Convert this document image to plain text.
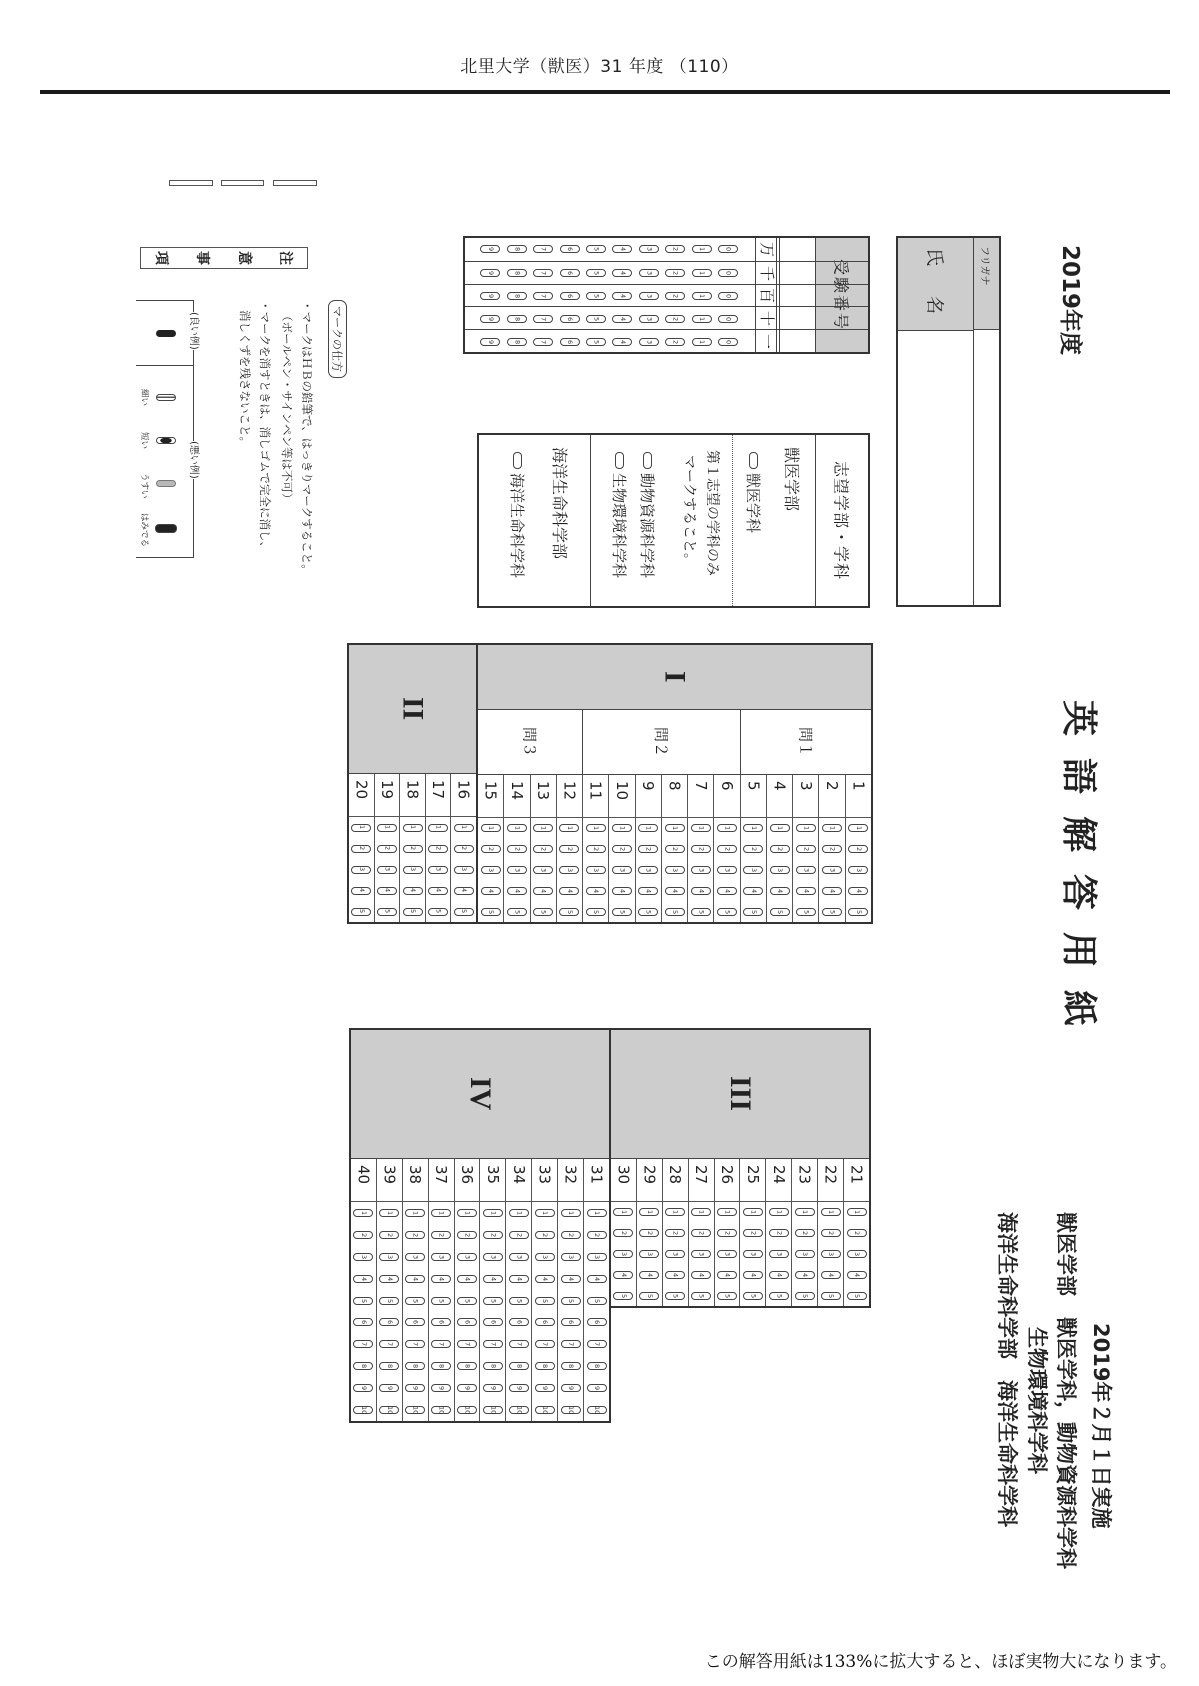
北里大学（獣医）31 年度 （110）
注
意
事
項
マークの仕方
・マークはＨＢの鉛筆で、はっきりマークすること。
（ボールペン・サインペン等は不可）
・マークを消すときは、消しゴムで完全に消し、
消しくずを残さないこと。
(良い例)
(悪い例)
細い
短い
うすい
はみでる
受験番号
万
0
1
2
3
4
5
6
7
8
9
千
0
1
2
3
4
5
6
7
8
9
百
0
1
2
3
4
5
6
7
8
9
十
0
1
2
3
4
5
6
7
8
9
一
0
1
2
3
4
5
6
7
8
9
フリガナ
氏　名
志望学部・学科
獣医学部
獣医学科
第１志望の学科のみ
マークすること。
動物資源科学科
生物環境科学科
海洋生命科学部
海洋生命科学科
2019年度
英語解答用紙
2019年２月１日実施
獣医学部　獣医学科，動物資源科学科
生物環境科学科
海洋生命科学部　海洋生命科学科
I
問１
問２
問３
1
1
2
3
4
5
2
1
2
3
4
5
3
1
2
3
4
5
4
1
2
3
4
5
5
1
2
3
4
5
6
1
2
3
4
5
7
1
2
3
4
5
8
1
2
3
4
5
9
1
2
3
4
5
10
1
2
3
4
5
11
1
2
3
4
5
12
1
2
3
4
5
13
1
2
3
4
5
14
1
2
3
4
5
15
1
2
3
4
5
II
16
1
2
3
4
5
17
1
2
3
4
5
18
1
2
3
4
5
19
1
2
3
4
5
20
1
2
3
4
5
III
21
1
2
3
4
5
22
1
2
3
4
5
23
1
2
3
4
5
24
1
2
3
4
5
25
1
2
3
4
5
26
1
2
3
4
5
27
1
2
3
4
5
28
1
2
3
4
5
29
1
2
3
4
5
30
1
2
3
4
5
IV
31
1
2
3
4
5
6
7
8
9
10
32
1
2
3
4
5
6
7
8
9
10
33
1
2
3
4
5
6
7
8
9
10
34
1
2
3
4
5
6
7
8
9
10
35
1
2
3
4
5
6
7
8
9
10
36
1
2
3
4
5
6
7
8
9
10
37
1
2
3
4
5
6
7
8
9
10
38
1
2
3
4
5
6
7
8
9
10
39
1
2
3
4
5
6
7
8
9
10
40
1
2
3
4
5
6
7
8
9
10
この解答用紙は133%に拡大すると、ほぼ実物大になります。
